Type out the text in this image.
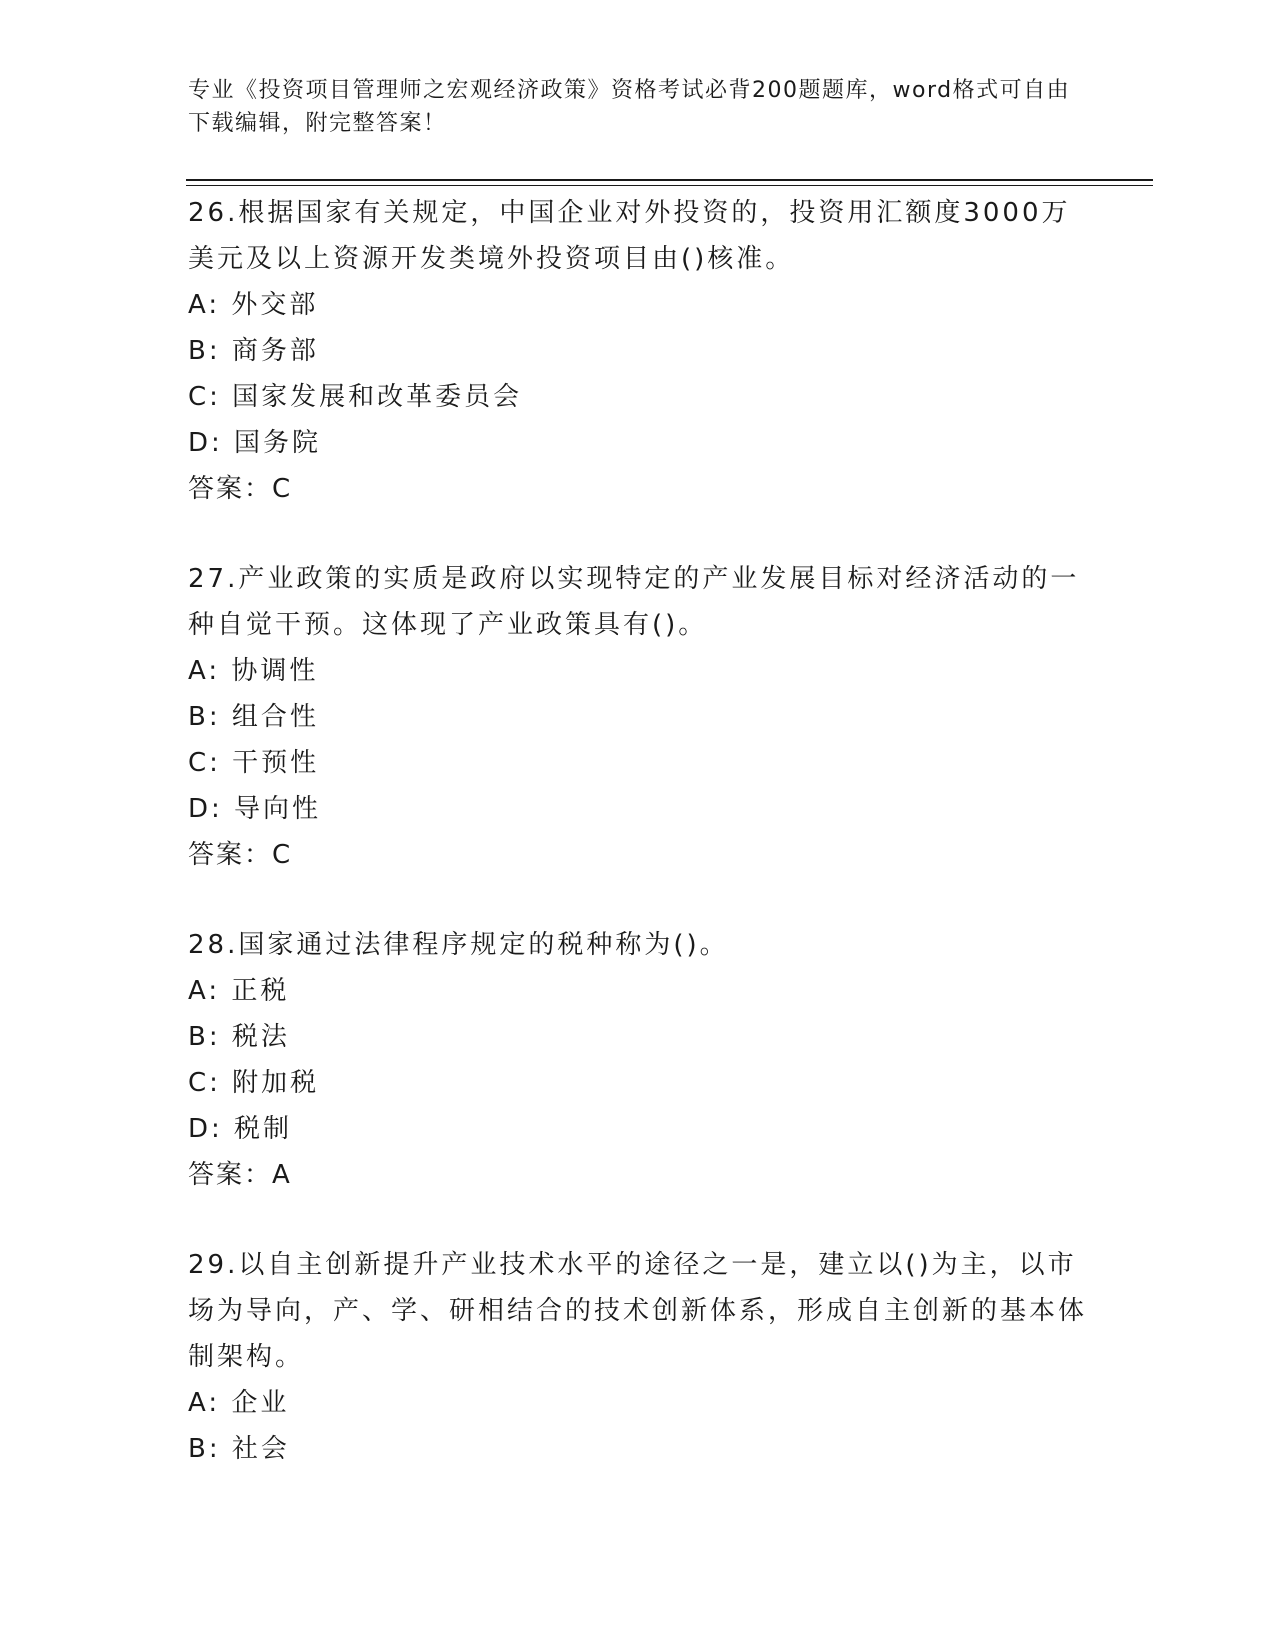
专业《投资项目管理师之宏观经济政策》资格考试必背200题题库，word格式可自由下载编辑，附完整答案！

26.根据国家有关规定，中国企业对外投资的，投资用汇额度3000万美元及以上资源开发类境外投资项目由()核准。

A: 外交部

B: 商务部

C: 国家发展和改革委员会

D: 国务院

答案：C

27.产业政策的实质是政府以实现特定的产业发展目标对经济活动的一种自觉干预。这体现了产业政策具有()。

A: 协调性

B: 组合性

C: 干预性

D: 导向性

答案：C

28.国家通过法律程序规定的税种称为()。

A: 正税

B: 税法

C: 附加税

D: 税制

答案：A

29.以自主创新提升产业技术水平的途径之一是，建立以()为主，以市场为导向，产、学、研相结合的技术创新体系，形成自主创新的基本体制架构。

A: 企业

B: 社会
